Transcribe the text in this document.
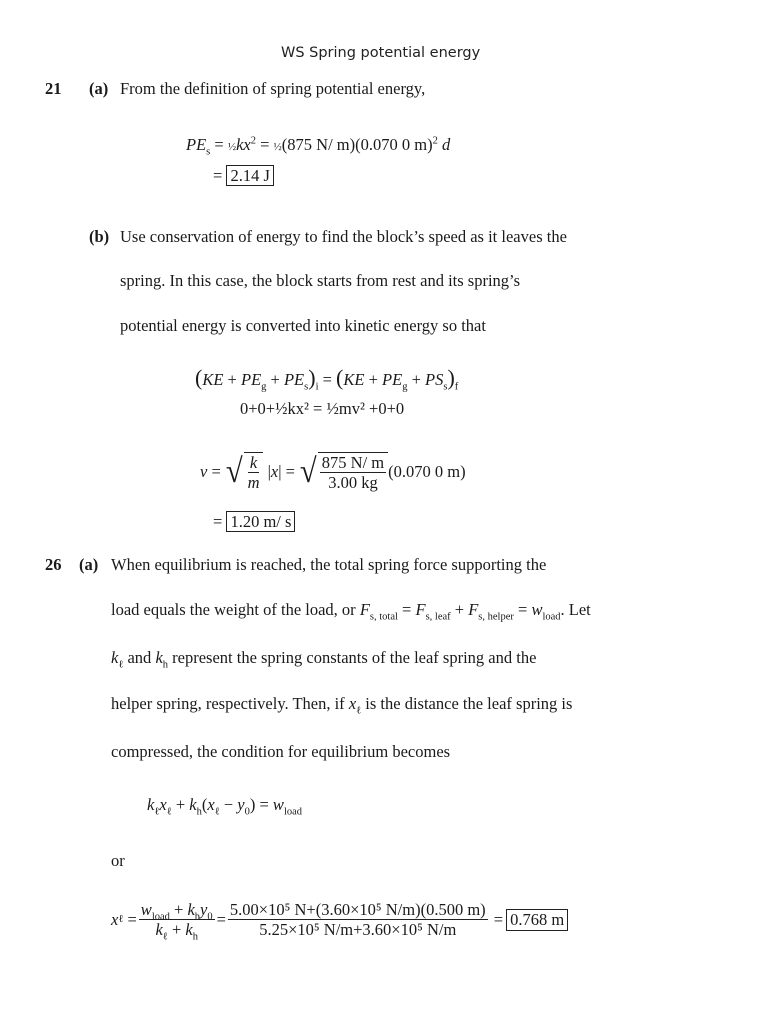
WS Spring potential energy
21 (a) From the definition of spring potential energy,
$PE_s$ = $\frac{1}{2}kx^2$ = ½(875 N/ m)(0.070 0 m)$^2$ d
= 2.14 J
(b) Use conservation of energy to find the block’s speed as it leaves the
spring. In this case, the block starts from rest and its spring’s
potential energy is converted into kinetic energy so that
$(KE + PE_g + PE_s)_i = (KE + PE_g + PS_s)_f$
0+0+½kx² = ½mv² +0+0
v = √ $\frac{k}{m}$ | x | = √ $\frac{875 N/ m}{3.00 kg} (0.070$ 0 m)
= 1.20 m/ s
26 (a) When equilibrium is reached, the total spring force supporting the
load equals the weight of the load, or $F_{s, total} = F_{s, leaf} + F_{s, helper} = w_{load}$. Let
$k_\ell$ and $k_h$ represent the spring constants of the leaf spring and the
helper spring, respectively. Then, if $x_\ell$ is the distance the leaf spring is
compressed, the condition for equilibrium becomes
$k_\ell x_\ell + k_h(x_\ell - y_0) = w_{load}$
or
x ℓ = $\frac{w_{load} + k_hy_0}{k_\ell + k_h} = \frac{\text{5.00×10⁵ N+(3.60×10⁵ N/m)(0.500 m)}}{\text{5.25×10⁵ N/m+3.60×10⁵ N/m}} = 0.768$ m
